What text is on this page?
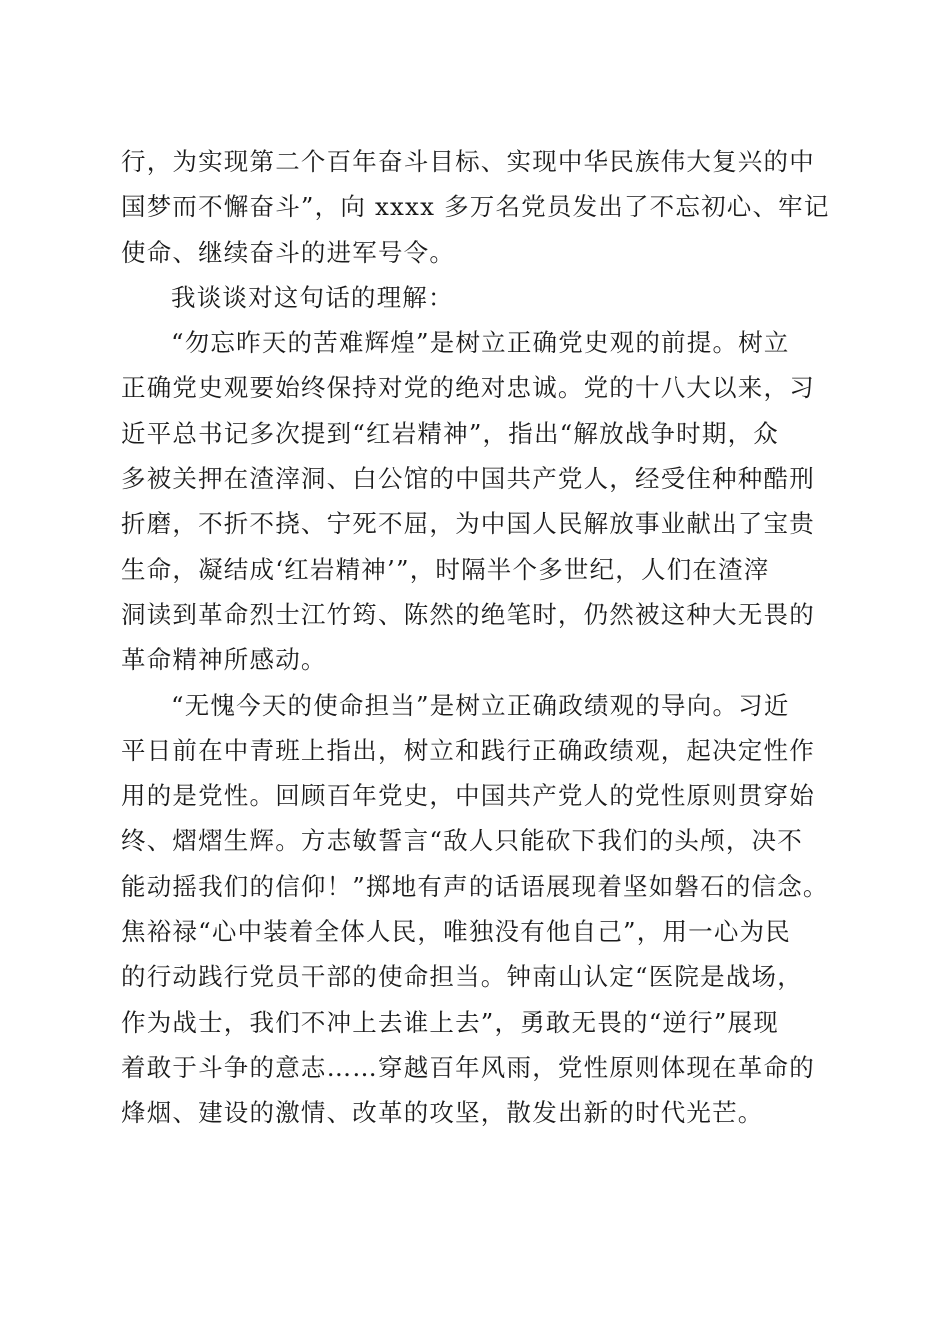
行，为实现第二个百年奋斗目标、实现中华民族伟大复兴的中
国梦而不懈奋斗”，向 xxxx 多万名党员发出了不忘初心、牢记
使命、继续奋斗的进军号令。
我谈谈对这句话的理解：
“勿忘昨天的苦难辉煌”是树立正确党史观的前提。树立
正确党史观要始终保持对党的绝对忠诚。党的十八大以来，习
近平总书记多次提到“红岩精神”，指出“解放战争时期，众
多被关押在渣滓洞、白公馆的中国共产党人，经受住种种酷刑
折磨，不折不挠、宁死不屈，为中国人民解放事业献出了宝贵
生命，凝结成‘红岩精神’”，时隔半个多世纪，人们在渣滓
洞读到革命烈士江竹筠、陈然的绝笔时，仍然被这种大无畏的
革命精神所感动。
“无愧今天的使命担当”是树立正确政绩观的导向。习近
平日前在中青班上指出，树立和践行正确政绩观，起决定性作
用的是党性。回顾百年党史，中国共产党人的党性原则贯穿始
终、熠熠生辉。方志敏誓言“敌人只能砍下我们的头颅，决不
能动摇我们的信仰！”掷地有声的话语展现着坚如磐石的信念。
焦裕禄“心中装着全体人民，唯独没有他自己”，用一心为民
的行动践行党员干部的使命担当。钟南山认定“医院是战场，
作为战士，我们不冲上去谁上去”，勇敢无畏的“逆行”展现
着敢于斗争的意志……穿越百年风雨，党性原则体现在革命的
烽烟、建设的激情、改革的攻坚，散发出新的时代光芒。
